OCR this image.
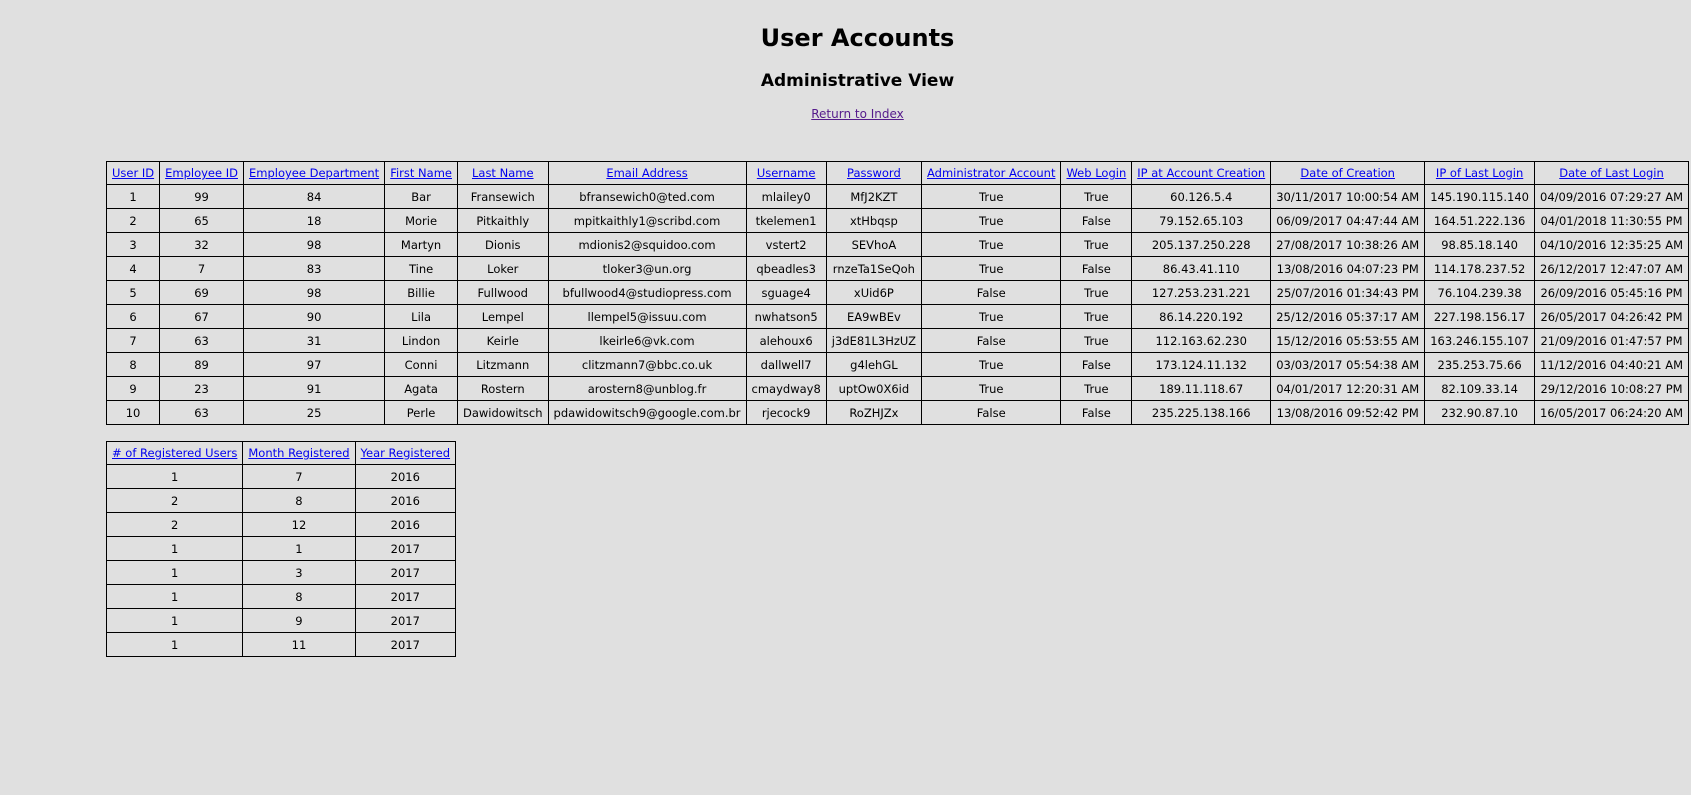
User Accounts
Administrative View
Return to Index
User ID	Employee ID	Employee Department	First Name	Last Name	Email Address	Username	Password	Administrator Account	Web Login	IP at Account Creation	Date of Creation	IP of Last Login	Date of Last Login
1	99	84	Bar	Fransewich	bfransewich0@ted.com	mlailey0	MfJ2KZT	True	True	60.126.5.4	30/11/2017 10:00:54 AM	145.190.115.140	04/09/2016 07:29:27 AM
2	65	18	Morie	Pitkaithly	mpitkaithly1@scribd.com	tkelemen1	xtHbqsp	True	False	79.152.65.103	06/09/2017 04:47:44 AM	164.51.222.136	04/01/2018 11:30:55 PM
3	32	98	Martyn	Dionis	mdionis2@squidoo.com	vstert2	SEVhoA	True	True	205.137.250.228	27/08/2017 10:38:26 AM	98.85.18.140	04/10/2016 12:35:25 AM
4	7	83	Tine	Loker	tloker3@un.org	qbeadles3	rnzeTa1SeQoh	True	False	86.43.41.110	13/08/2016 04:07:23 PM	114.178.237.52	26/12/2017 12:47:07 AM
5	69	98	Billie	Fullwood	bfullwood4@studiopress.com	sguage4	xUid6P	False	True	127.253.231.221	25/07/2016 01:34:43 PM	76.104.239.38	26/09/2016 05:45:16 PM
6	67	90	Lila	Lempel	llempel5@issuu.com	nwhatson5	EA9wBEv	True	True	86.14.220.192	25/12/2016 05:37:17 AM	227.198.156.17	26/05/2017 04:26:42 PM
7	63	31	Lindon	Keirle	lkeirle6@vk.com	alehoux6	j3dE81L3HzUZ	False	True	112.163.62.230	15/12/2016 05:53:55 AM	163.246.155.107	21/09/2016 01:47:57 PM
8	89	97	Conni	Litzmann	clitzmann7@bbc.co.uk	dallwell7	g4lehGL	True	False	173.124.11.132	03/03/2017 05:54:38 AM	235.253.75.66	11/12/2016 04:40:21 AM
9	23	91	Agata	Rostern	arostern8@unblog.fr	cmaydway8	uptOw0X6id	True	True	189.11.118.67	04/01/2017 12:20:31 AM	82.109.33.14	29/12/2016 10:08:27 PM
10	63	25	Perle	Dawidowitsch	pdawidowitsch9@google.com.br	rjecock9	RoZHJZx	False	False	235.225.138.166	13/08/2016 09:52:42 PM	232.90.87.10	16/05/2017 06:24:20 AM
# of Registered Users	Month Registered	Year Registered
1	7	2016
2	8	2016
2	12	2016
1	1	2017
1	3	2017
1	8	2017
1	9	2017
1	11	2017
